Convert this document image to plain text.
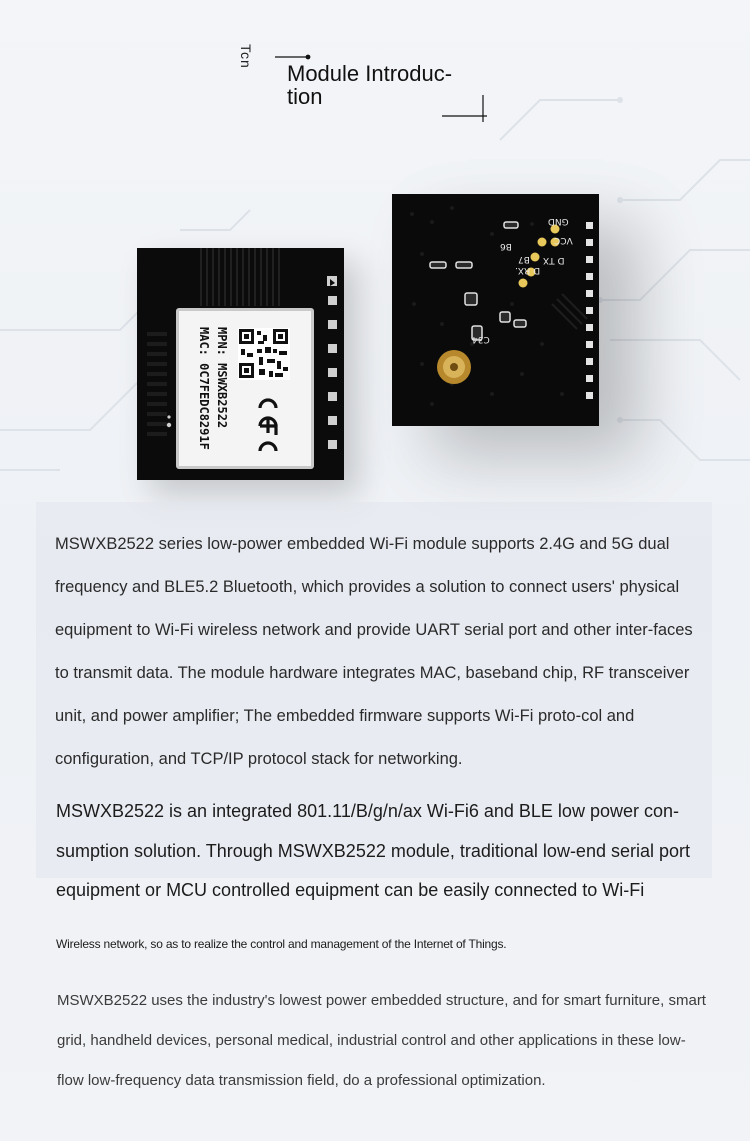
Tcn
Module Introduc-tion
MPN: MSWXB2522
MAC: 0C7FEDC8291F
GND
VCC
D TX
D RX.
B6
B7
C34

MSWXB2522 series low-power embedded Wi-Fi module supports 2.4G and 5G dual frequency and BLE5.2 Bluetooth, which provides a solution to connect users' physical equipment to Wi-Fi wireless network and provide UART serial port and other inter-faces to transmit data. The module hardware integrates MAC, baseband chip, RF transceiver unit, and power amplifier; The embedded firmware supports Wi-Fi proto-col and configuration, and TCP/IP protocol stack for networking.

MSWXB2522 is an integrated 801.11/B/g/n/ax Wi-Fi6 and BLE low power con-sumption solution. Through MSWXB2522 module, traditional low-end serial port equipment or MCU controlled equipment can be easily connected to Wi-Fi

Wireless network, so as to realize the control and management of the Internet of Things.

MSWXB2522 uses the industry's lowest power embedded structure, and for smart furniture, smart grid, handheld devices, personal medical, industrial control and other applications in these low-flow low-frequency data transmission field, do a professional optimization.
